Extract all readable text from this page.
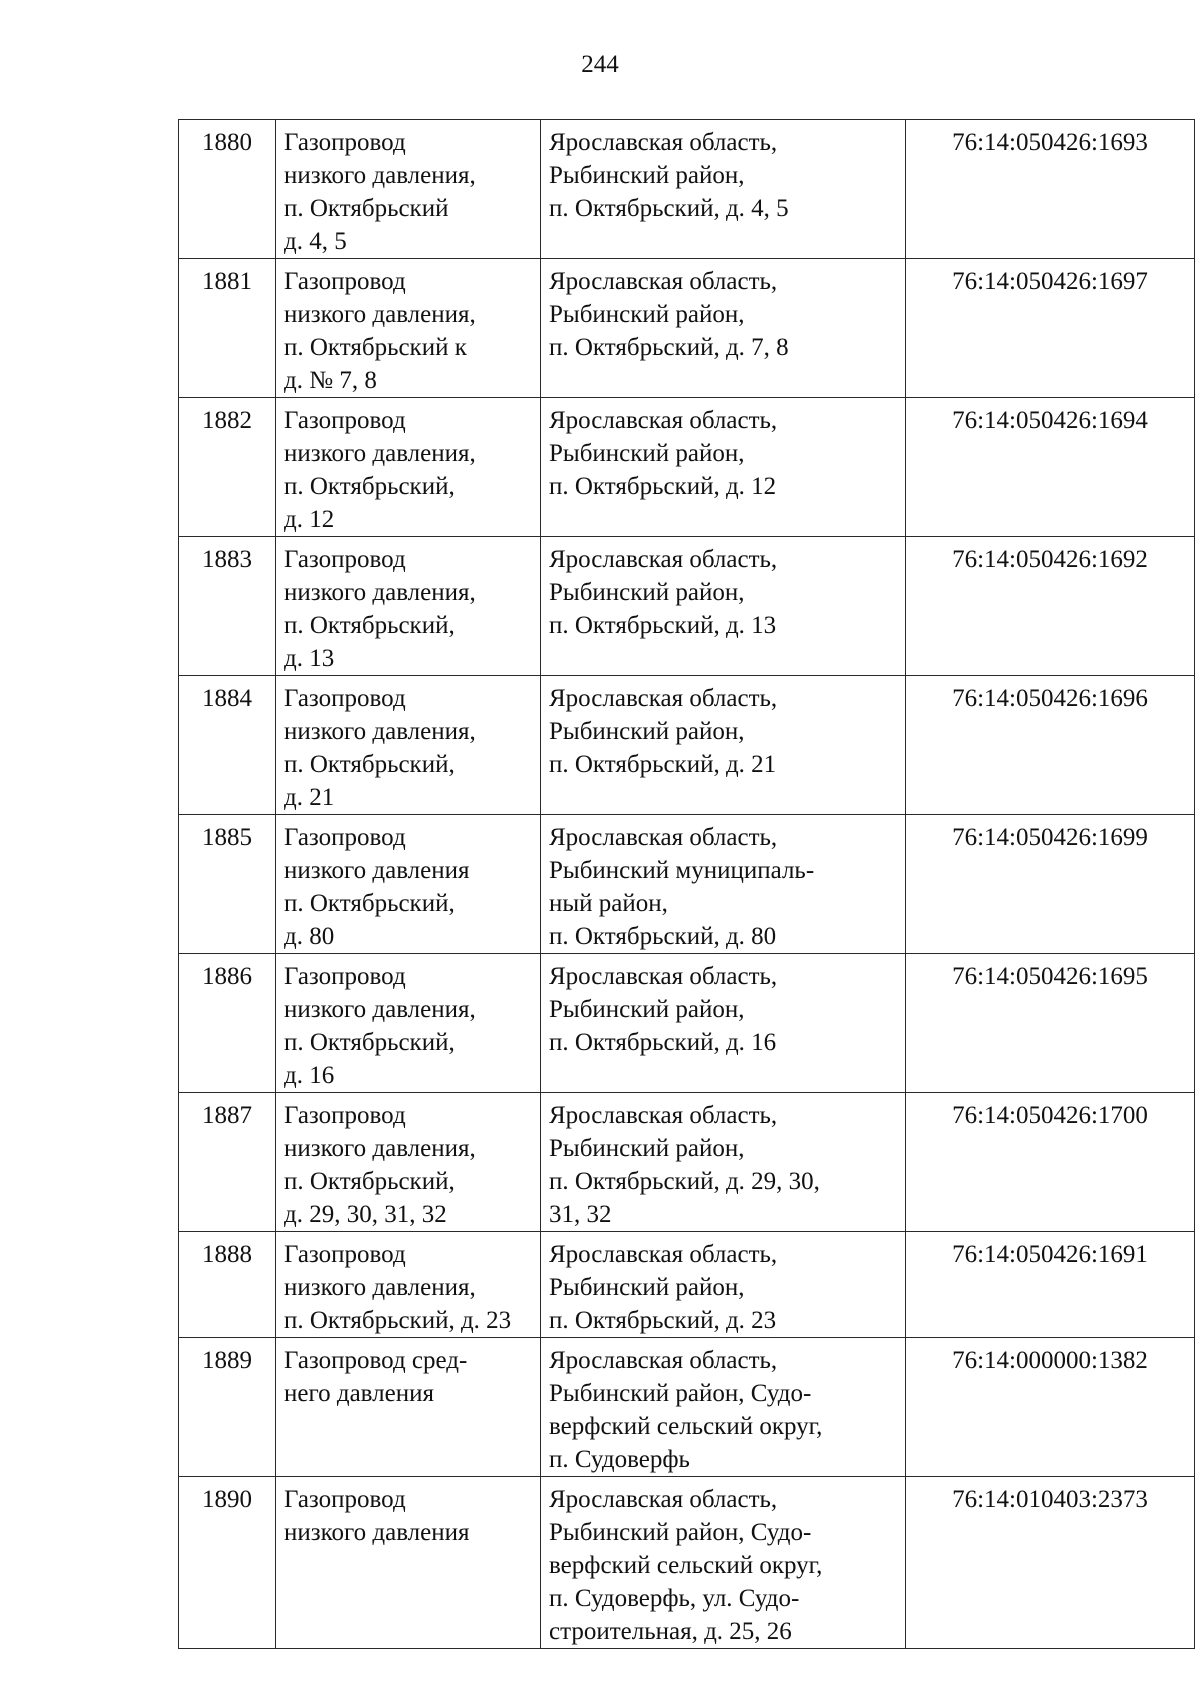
244
1880	Газопровод
низкого давления,
п. Октябрьский
д. 4, 5	Ярославская область,
Рыбинский район,
п. Октябрьский, д. 4, 5	76:14:050426:1693
1881	Газопровод
низкого давления,
п. Октябрьский к
д. № 7, 8	Ярославская область,
Рыбинский район,
п. Октябрьский, д. 7, 8	76:14:050426:1697
1882	Газопровод
низкого давления,
п. Октябрьский,
д. 12	Ярославская область,
Рыбинский район,
п. Октябрьский, д. 12	76:14:050426:1694
1883	Газопровод
низкого давления,
п. Октябрьский,
д. 13	Ярославская область,
Рыбинский район,
п. Октябрьский, д. 13	76:14:050426:1692
1884	Газопровод
низкого давления,
п. Октябрьский,
д. 21	Ярославская область,
Рыбинский район,
п. Октябрьский, д. 21	76:14:050426:1696
1885	Газопровод
низкого давления
п. Октябрьский,
д. 80	Ярославская область,
Рыбинский муниципаль-
ный район,
п. Октябрьский, д. 80	76:14:050426:1699
1886	Газопровод
низкого давления,
п. Октябрьский,
д. 16	Ярославская область,
Рыбинский район,
п. Октябрьский, д. 16	76:14:050426:1695
1887	Газопровод
низкого давления,
п. Октябрьский,
д. 29, 30, 31, 32	Ярославская область,
Рыбинский район,
п. Октябрьский, д. 29, 30,
31, 32	76:14:050426:1700
1888	Газопровод
низкого давления,
п. Октябрьский, д. 23	Ярославская область,
Рыбинский район,
п. Октябрьский, д. 23	76:14:050426:1691
1889	Газопровод сред-
него давления	Ярославская область,
Рыбинский район, Судо-
верфский сельский округ,
п. Судоверфь	76:14:000000:1382
1890	Газопровод
низкого давления	Ярославская область,
Рыбинский район, Судо-
верфский сельский округ,
п. Судоверфь, ул. Судо-
строительная, д. 25, 26	76:14:010403:2373
